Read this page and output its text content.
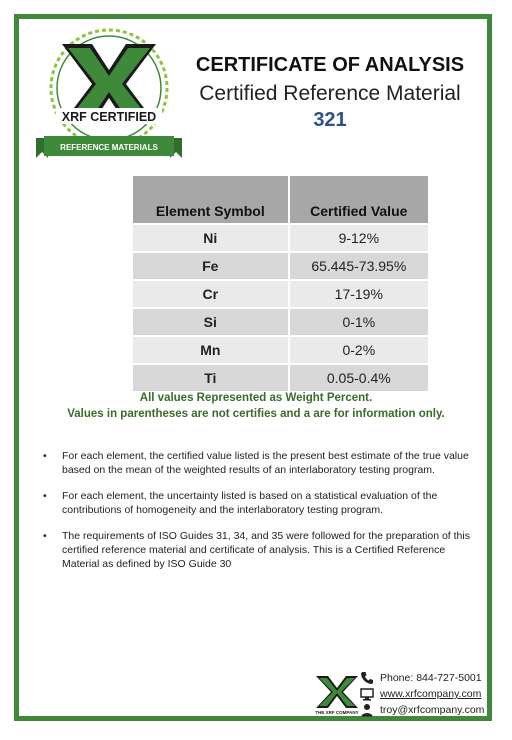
XRF CERTIFIED
REFERENCE MATERIALS
CERTIFICATE OF ANALYSIS
Certified Reference Material
321
Element Symbol	Certified Value
Ni	9-12%
Fe	65.445-73.95%
Cr	17-19%
Si	0-1%
Mn	0-2%
Ti	0.05-0.4%
All values Represented as Weight Percent.
Values in parentheses are not certifies and a are for information only.
• For each element, the certified value listed is the present best estimate of the true value based on the mean of the weighted results of an interlaboratory testing program.
• For each element, the uncertainty listed is based on a statistical evaluation of the contributions of homogeneity and the interlaboratory testing program.
• The requirements of ISO Guides 31, 34, and 35 were followed for the preparation of this certified reference material and certificate of analysis. This is a Certified Reference Material as defined by ISO Guide 30
THE XRF COMPANY
Phone: 844-727-5001
www.xrfcompany.com
troy@xrfcompany.com
